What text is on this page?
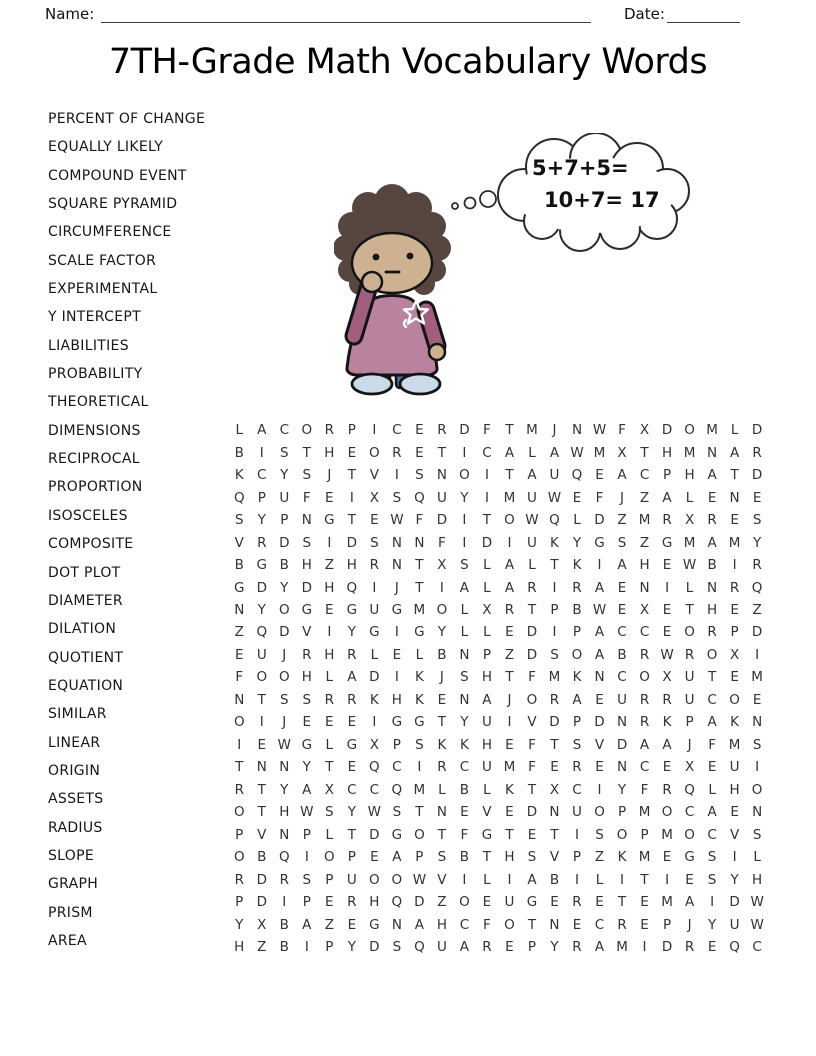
Name:	Date:
7TH-Grade Math Vocabulary Words
PERCENT OF CHANGE
EQUALLY LIKELY
COMPOUND EVENT
SQUARE PYRAMID
CIRCUMFERENCE
SCALE FACTOR
EXPERIMENTAL
Y INTERCEPT
LIABILITIES
PROBABILITY
THEORETICAL
DIMENSIONS
RECIPROCAL
PROPORTION
ISOSCELES
COMPOSITE
DOT PLOT
DIAMETER
DILATION
QUOTIENT
EQUATION
SIMILAR
LINEAR
ORIGIN
ASSETS
RADIUS
SLOPE
GRAPH
PRISM
AREA
5+7+5=
10+7= 17
L	A C O R	P	I	C	E	R D F	T M	J	N W F	X D O M L	D
B	I	S	T H E O R	E	T	I	C A	L	A W M X	T H M N A R
K C	Y	S	J	T	V	I	S N O	I	T	A U Q E	A C	P H A	T D
Q P	U	F	E	I	X	S Q U Y	I	M U W E	F	J	Z A	L	E N E
S	Y	P N G T	E W F D	I	T O W Q L	D Z M R X R	E	S
V R D S	I	D S N N	F	I	D	I	U K	Y G S	Z G M A M Y
B G B H Z H R N T	X	S	L	A	L	T	K	I	A H E W B	I	R
G D Y D H Q	I	J	T	I	A	L	A R	I	R A	E N	I	L	N R Q
N Y O G E G U G M O L	X R	T	P	B W E	X	E	T H E	Z
Z Q D V	I	Y G	I	G Y	L	L	E D	I	P	A C C	E O R	P D
E U	J	R H R	L	E	L	B N P	Z D S O A B R W R O X	I
F O O H	L	A D	I	K	J	S H T	F M K N C O X U T	E M
N T	S	S	R R K H K	E N A	J	O R A	E U R R U C O E
O	I	J	E	E	E	I	G G T	Y U	I	V D P D N R K	P	A K N
I	E W G	L	G X	P	S	K	K H E	F	T	S	V D A A	J	F M S
T N N Y	T	E Q C	I	R C U M F	E	R	E N C	E	X	E U	I
R	T	Y	A X C C Q M L	B	L	K	T	X C	I	Y	F	R Q L	H O
O T H W S	Y W S	T N E	V	E D N U O P M O C A	E N
P	V N P	L	T D G O T	F G T	E	T	I	S O P M O C V	S
O B Q	I	O P	E	A	P	S	B	T H S	V	P	Z K M E G S	I	L
R D R	S	P	U O O W V	I	L	I	A B	I	L	I	T	I	E	S	Y H
P D	I	P	E	R H Q D Z O E U G E	R	E	T	E M A	I	D W
Y	X B A Z	E G N A H C	F O T N E	C R	E	P	J	Y U W
H Z B	I	P	Y D S Q U A R	E	P	Y	R A M	I	D R	E Q C
